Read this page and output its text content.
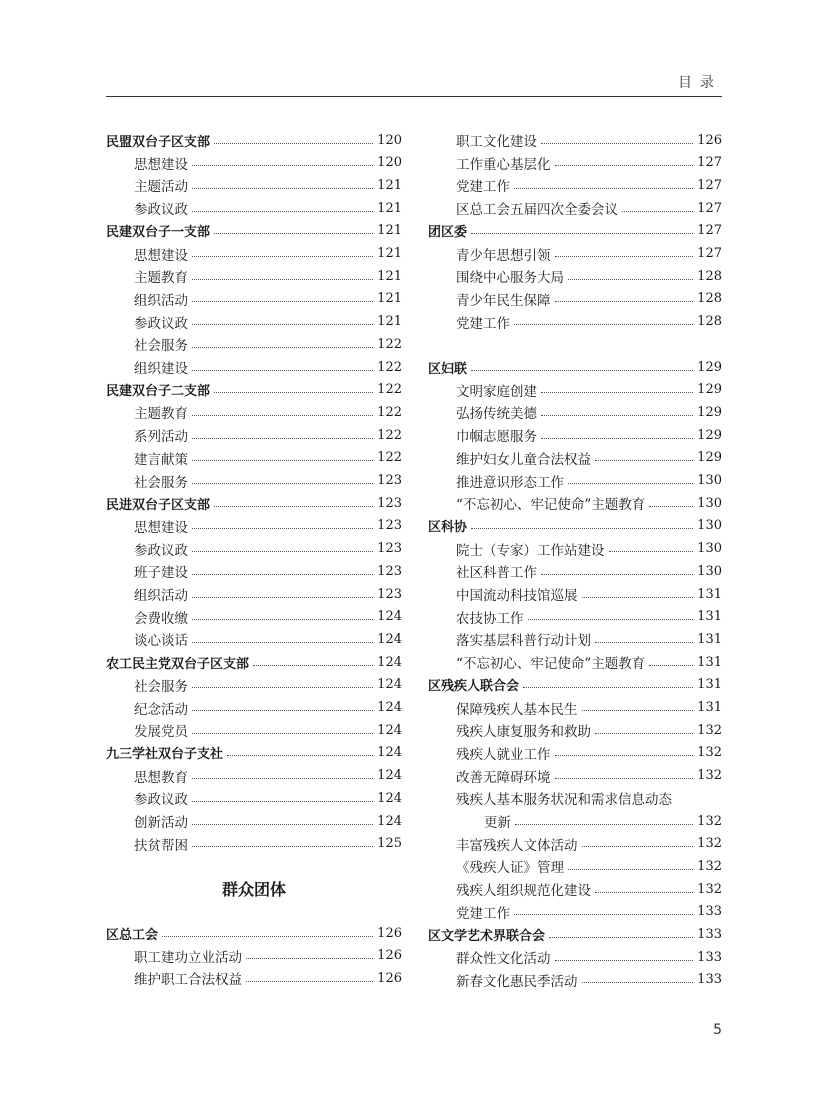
目录
民盟双台子区支部	120
思想建设	120
主题活动	121
参政议政	121
民建双台子一支部	121
思想建设	121
主题教育	121
组织活动	121
参政议政	121
社会服务	122
组织建设	122
民建双台子二支部	122
主题教育	122
系列活动	122
建言献策	122
社会服务	123
民进双台子区支部	123
思想建设	123
参政议政	123
班子建设	123
组织活动	123
会费收缴	124
谈心谈话	124
农工民主党双台子区支部	124
社会服务	124
纪念活动	124
发展党员	124
九三学社双台子支社	124
思想教育	124
参政议政	124
创新活动	124
扶贫帮困	125
群众团体
区总工会	126
职工建功立业活动	126
维护职工合法权益	126
职工文化建设	126
工作重心基层化	127
党建工作	127
区总工会五届四次全委会议	127
团区委	127
青少年思想引领	127
围绕中心服务大局	128
青少年民生保障	128
党建工作	128
区妇联	129
文明家庭创建	129
弘扬传统美德	129
巾帼志愿服务	129
维护妇女儿童合法权益	129
推进意识形态工作	130
“不忘初心、牢记使命”主题教育	130
区科协	130
院士（专家）工作站建设	130
社区科普工作	130
中国流动科技馆巡展	131
农技协工作	131
落实基层科普行动计划	131
“不忘初心、牢记使命”主题教育	131
区残疾人联合会	131
保障残疾人基本民生	131
残疾人康复服务和救助	132
残疾人就业工作	132
改善无障碍环境	132
残疾人基本服务状况和需求信息动态
更新	132
丰富残疾人文体活动	132
《残疾人证》管理	132
残疾人组织规范化建设	132
党建工作	133
区文学艺术界联合会	133
群众性文化活动	133
新春文化惠民季活动	133
5
